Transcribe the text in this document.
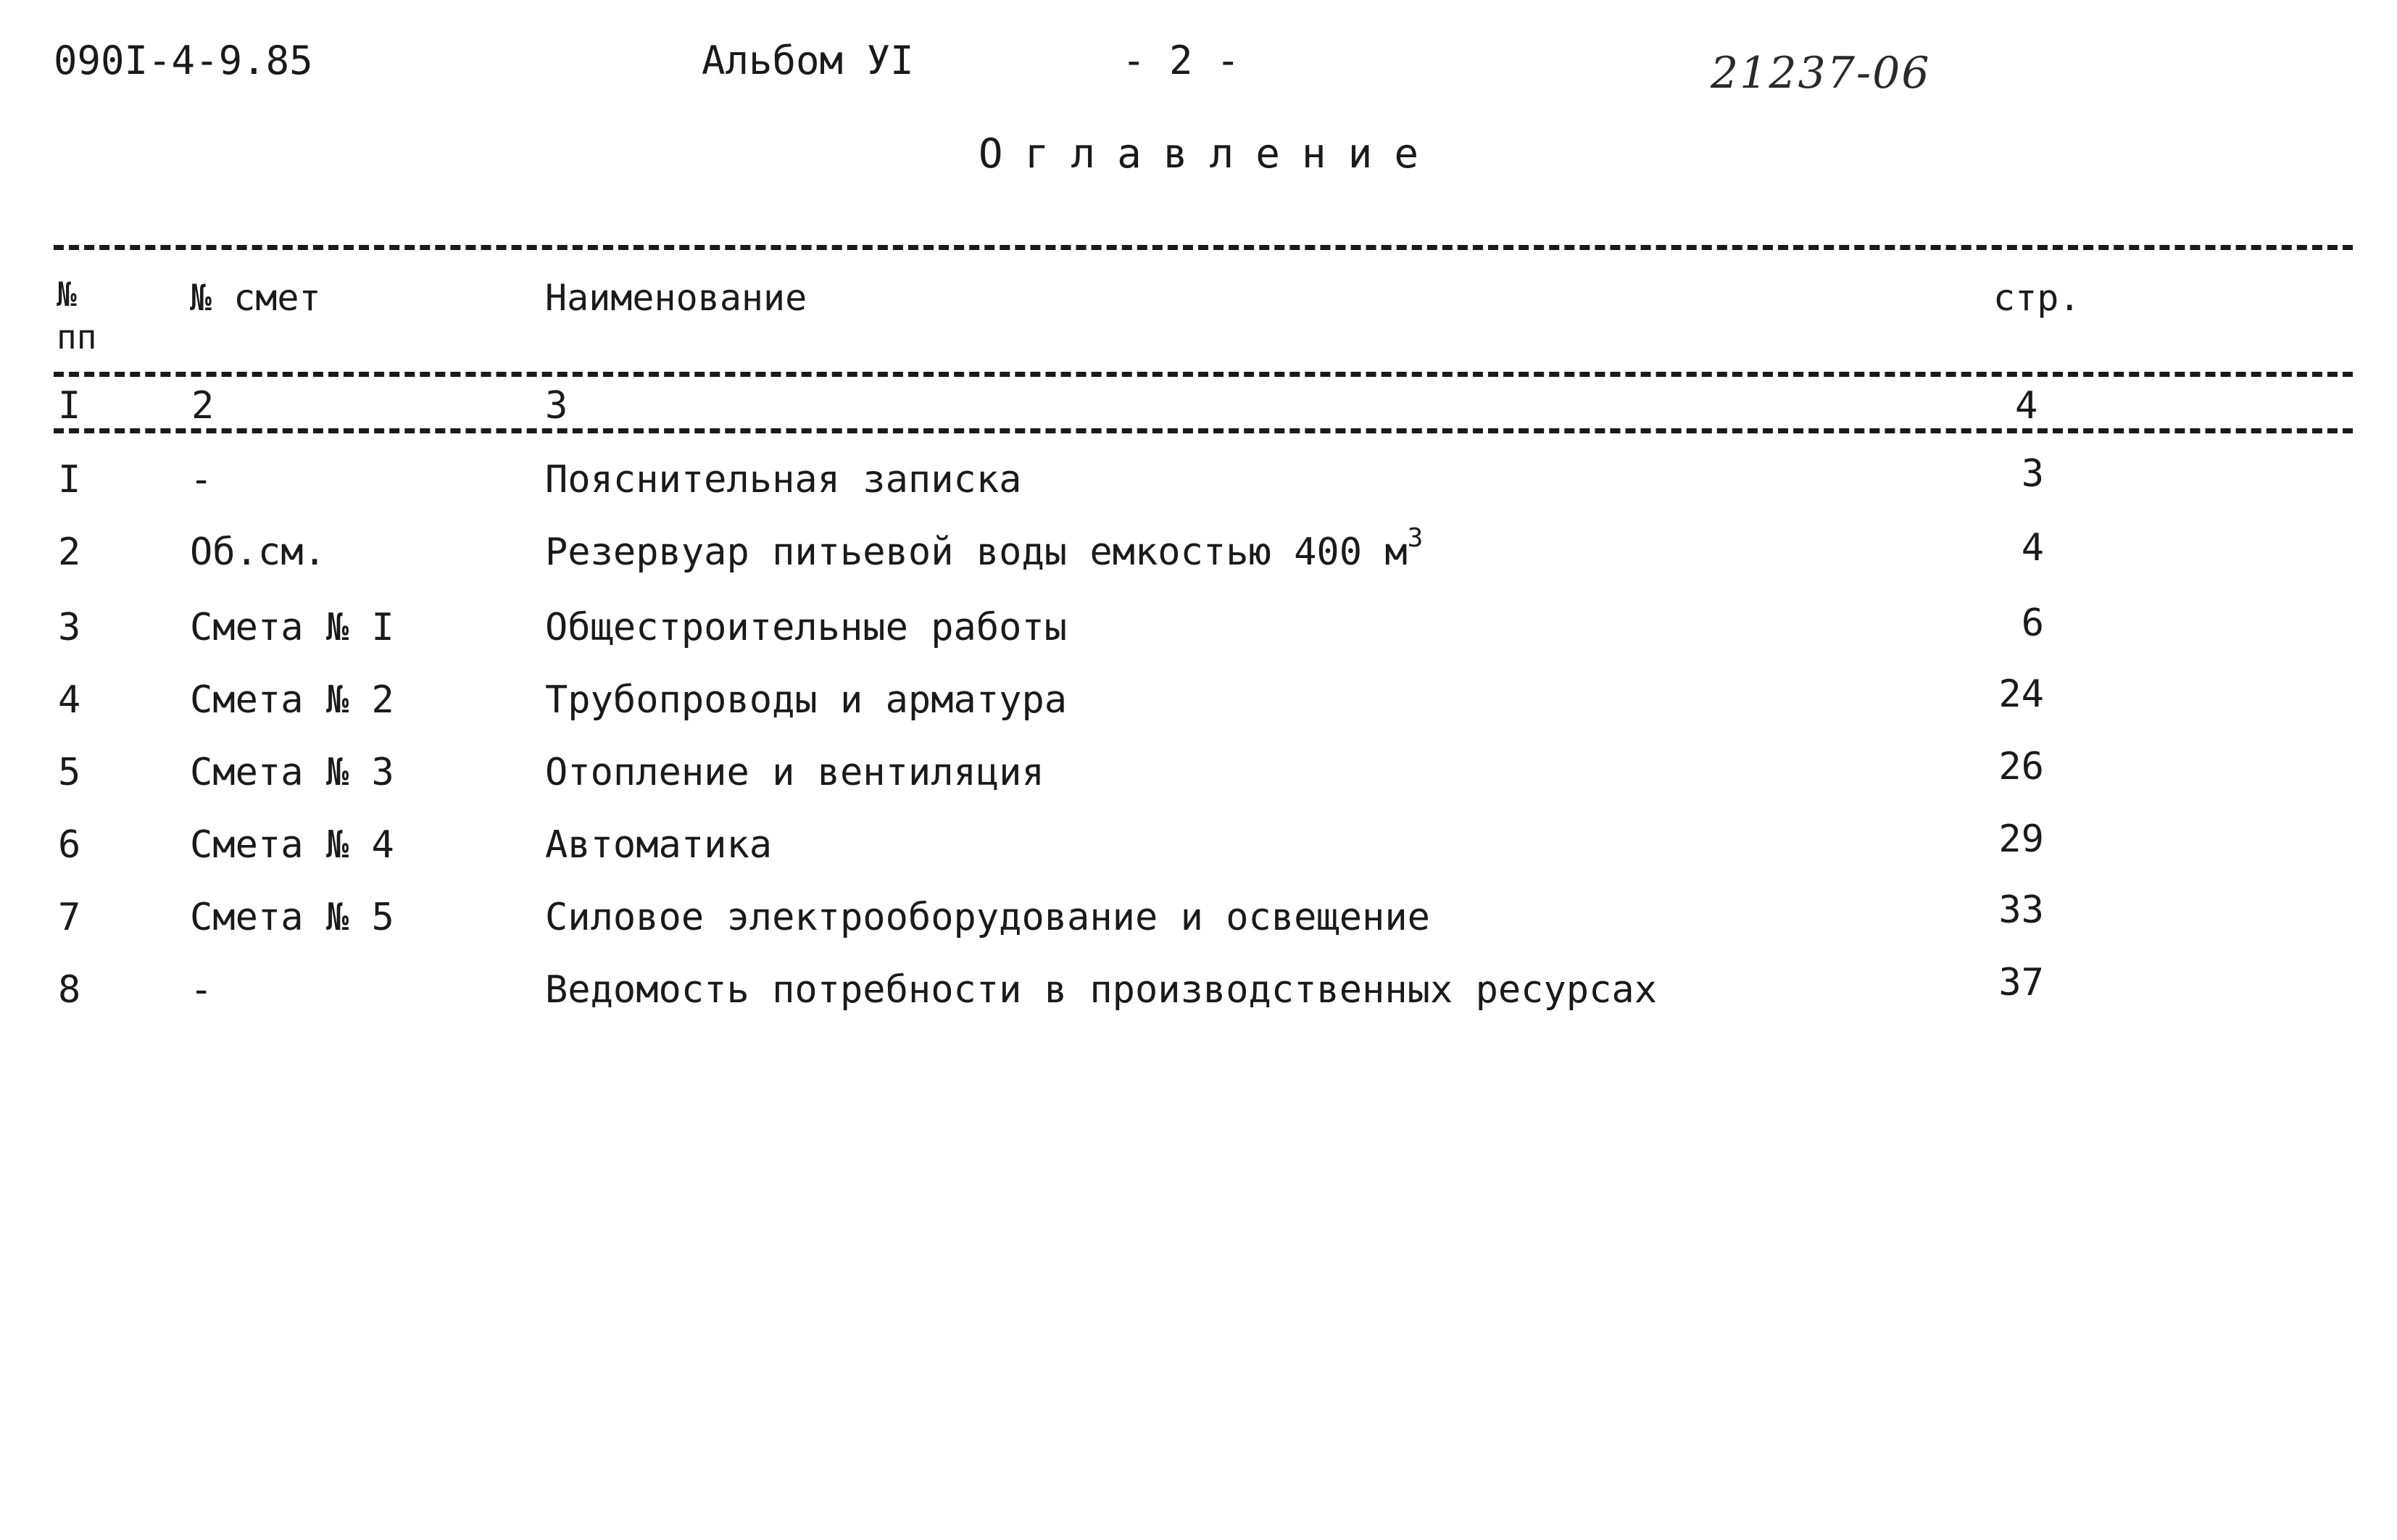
090I-4-9.85	Альбом УI	- 2 -	21237-06
Оглавление
№
пп
№ смет	Наименование	стр.
I	2	3	4
I	-	Пояснительная записка	3
2	Об.см.	Резервуар питьевой воды емкостью 400 $м^3$	4
3	Смета № I	Общестроительные работы	6
4	Смета № 2	Трубопроводы и арматура	24
5	Смета № 3	Отопление и вентиляция	26
6	Смета № 4	Автоматика	29
7	Смета № 5	Силовое электрооборудование и освещение	33
8	-	Ведомость потребности в производственных ресурсах	37
